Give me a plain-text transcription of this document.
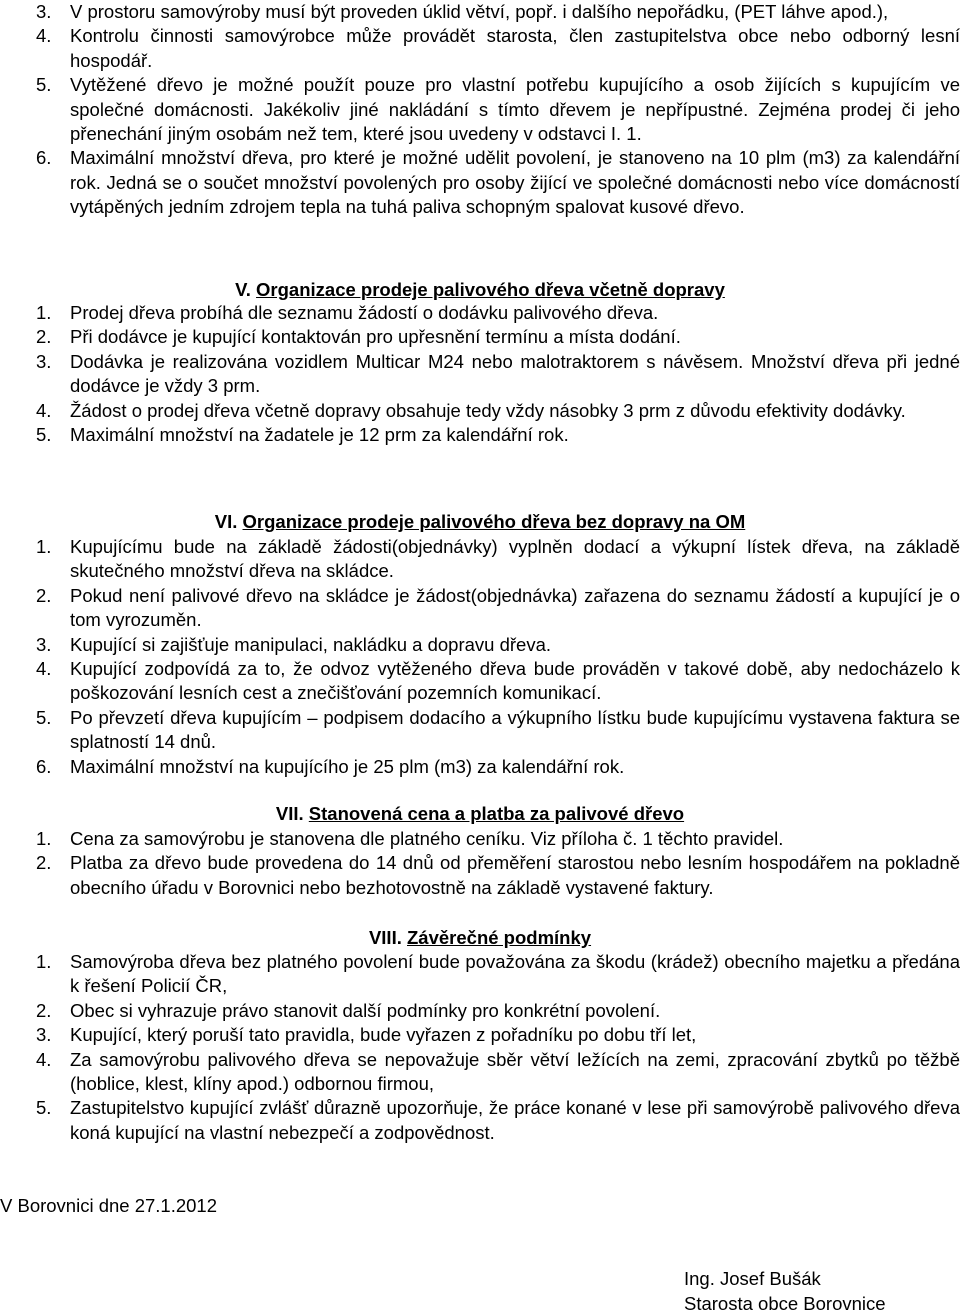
3.	V prostoru samovýroby musí být proveden úklid větví, popř. i dalšího nepořádku, (PET láhve apod.),
4.	Kontrolu činnosti samovýrobce může provádět starosta, člen zastupitelstva obce nebo odborný lesní hospodář.
5.	Vytěžené dřevo je možné použít pouze pro vlastní potřebu kupujícího a osob žijících s kupujícím ve společné domácnosti. Jakékoliv jiné nakládání s tímto dřevem je nepřípustné. Zejména prodej či jeho přenechání jiným osobám než tem, které jsou uvedeny v odstavci I. 1.
6.	Maximální množství dřeva, pro které je možné udělit povolení, je stanoveno na 10 plm (m3) za kalendářní rok. Jedná se o součet množství povolených pro osoby žijící ve společné domácnosti nebo více domácností vytápěných jedním zdrojem tepla na tuhá paliva schopným spalovat kusové dřevo.
V. Organizace prodeje palivového dřeva včetně dopravy
1.	Prodej dřeva probíhá dle seznamu žádostí o dodávku palivového dřeva.
2.	Při dodávce je kupující kontaktován pro upřesnění termínu a místa dodání.
3.	Dodávka je realizována vozidlem Multicar M24 nebo malotraktorem s návěsem. Množství dřeva při jedné dodávce je vždy 3 prm.
4.	Žádost o prodej dřeva včetně dopravy obsahuje tedy vždy násobky 3 prm z důvodu efektivity dodávky.
5.	Maximální množství na žadatele je 12 prm za kalendářní rok.
VI. Organizace prodeje palivového dřeva bez dopravy na OM
1.	Kupujícímu bude na základě žádosti(objednávky) vyplněn dodací a výkupní lístek dřeva, na základě skutečného množství dřeva na skládce.
2.	Pokud není palivové dřevo na skládce je žádost(objednávka) zařazena do seznamu žádostí a kupující je o tom vyrozuměn.
3.	Kupující si zajišťuje manipulaci, nakládku a dopravu dřeva.
4.	Kupující zodpovídá za to, že odvoz vytěženého dřeva bude prováděn v takové době, aby nedocházelo k poškozování lesních cest a znečišťování pozemních komunikací.
5.	Po převzetí dřeva kupujícím – podpisem dodacího a výkupního lístku bude kupujícímu vystavena faktura se splatností 14 dnů.
6.	Maximální množství na kupujícího je 25 plm (m3) za kalendářní rok.
VII. Stanovená cena a platba za palivové dřevo
1.	Cena za samovýrobu je stanovena dle platného ceníku. Viz příloha č. 1 těchto pravidel.
2.	Platba za dřevo bude provedena do 14 dnů od přeměření starostou nebo lesním hospodářem na pokladně obecního úřadu v Borovnici nebo bezhotovostně na základě vystavené faktury.
VIII. Závěrečné podmínky
1.	Samovýroba dřeva bez platného povolení bude považována za škodu (krádež) obecního majetku a předána k řešení Policií ČR,
2.	Obec si vyhrazuje právo stanovit další podmínky pro konkrétní povolení.
3.	Kupující, který poruší tato pravidla, bude vyřazen z pořadníku po dobu tří let,
4.	Za samovýrobu palivového dřeva se nepovažuje sběr větví ležících na zemi, zpracování zbytků po těžbě (hoblice, klest, klíny apod.) odbornou firmou,
5.	Zastupitelstvo kupující zvlášť důrazně upozorňuje, že práce konané v lese při samovýrobě palivového dřeva koná kupující na vlastní nebezpečí a zodpovědnost.
V Borovnici dne 27.1.2012
Ing. Josef Bušák
Starosta obce Borovnice
